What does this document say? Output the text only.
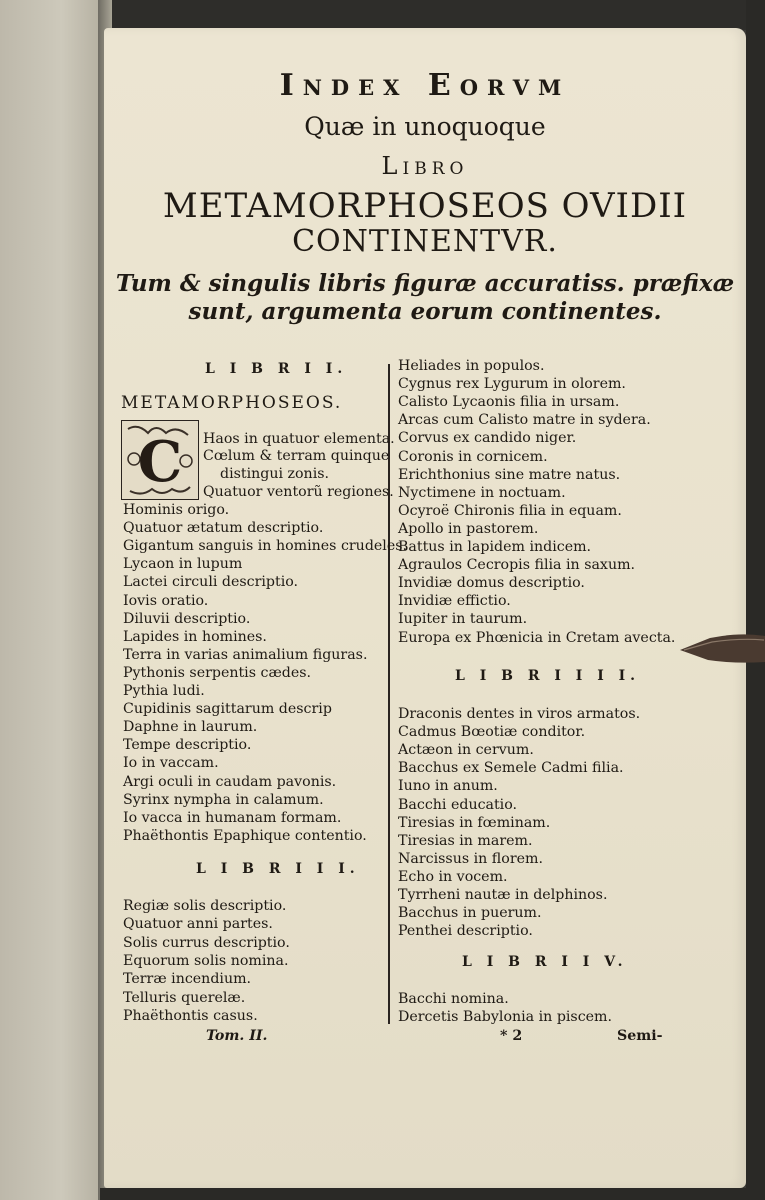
Index Eorvm
Quæ in unoquoque
Libro
METAMORPHOSEOS OVIDII
CONTINENTVR.
Tum & singulis libris figuræ accuratiss. præfixæ
sunt, argumenta eorum continentes.
L I B R I I.
METAMORPHOSEOS.
C Haos in quatuor elementa.
Cœlum & terram quinque
distingui zonis.
Quatuor ventorũ regiones.
Hominis origo.
Quatuor ætatum descriptio.
Gigantum sanguis in homines crudeles.
Lycaon in lupum
Lactei circuli descriptio.
Iovis oratio.
Diluvii descriptio.
Lapides in homines.
Terra in varias animalium figuras.
Pythonis serpentis cædes.
Pythia ludi.
Cupidinis sagittarum descrip
Daphne in laurum.
Tempe descriptio.
Io in vaccam.
Argi oculi in caudam pavonis.
Syrinx nympha in calamum.
Io vacca in humanam formam.
Phaëthontis Epaphique contentio.
L I B R I I I.
Regiæ solis descriptio.
Quatuor anni partes.
Solis currus descriptio.
Equorum solis nomina.
Terræ incendium.
Telluris querelæ.
Phaëthontis casus.
Tom. II.
Heliades in populos.
Cygnus rex Lygurum in olorem.
Calisto Lycaonis filia in ursam.
Arcas cum Calisto matre in sydera.
Corvus ex candido niger.
Coronis in cornicem.
Erichthonius sine matre natus.
Nyctimene in noctuam.
Ocyroë Chironis filia in equam.
Apollo in pastorem.
Battus in lapidem indicem.
Agraulos Cecropis filia in saxum.
Invidiæ domus descriptio.
Invidiæ effictio.
Iupiter in taurum.
Europa ex Phœnicia in Cretam avecta.
L I B R I I I I.
Draconis dentes in viros armatos.
Cadmus Bœotiæ conditor.
Actæon in cervum.
Bacchus ex Semele Cadmi filia.
Iuno in anum.
Bacchi educatio.
Tiresias in fœminam.
Tiresias in marem.
Narcissus in florem.
Echo in vocem.
Tyrrheni nautæ in delphinos.
Bacchus in puerum.
Penthei descriptio.
L I B R I I V.
Bacchi nomina.
Dercetis Babylonia in piscem.
* 2	Semi-
